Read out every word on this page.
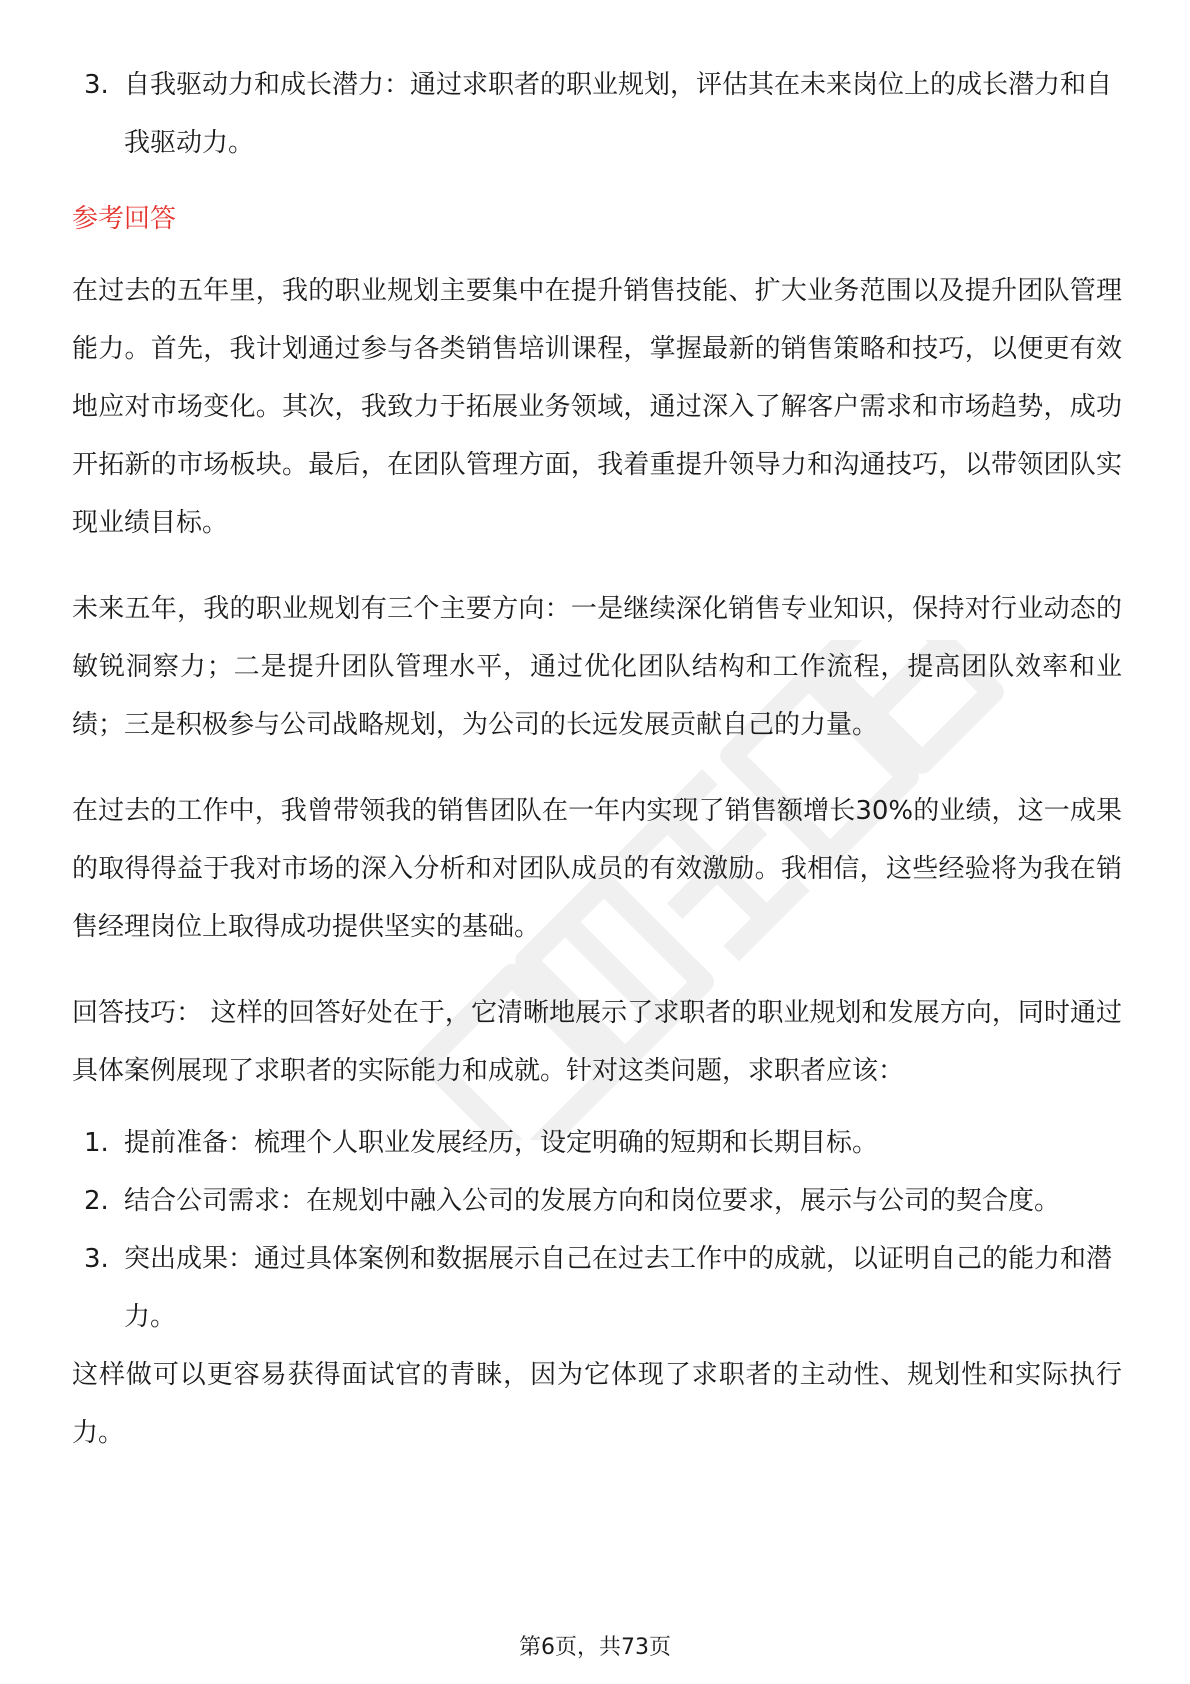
3. 自我驱动力和成长潜力：通过求职者的职业规划，评估其在未来岗位上的成长潜力和自我驱动力。
参考回答

在过去的五年里，我的职业规划主要集中在提升销售技能、扩大业务范围以及提升团队管理能力。首先，我计划通过参与各类销售培训课程，掌握最新的销售策略和技巧，以便更有效地应对市场变化。其次，我致力于拓展业务领域，通过深入了解客户需求和市场趋势，成功开拓新的市场板块。最后，在团队管理方面，我着重提升领导力和沟通技巧，以带领团队实现业绩目标。

未来五年，我的职业规划有三个主要方向：一是继续深化销售专业知识，保持对行业动态的敏锐洞察力；二是提升团队管理水平，通过优化团队结构和工作流程，提高团队效率和业绩；三是积极参与公司战略规划，为公司的长远发展贡献自己的力量。

在过去的工作中，我曾带领我的销售团队在一年内实现了销售额增长30%的业绩，这一成果的取得得益于我对市场的深入分析和对团队成员的有效激励。我相信，这些经验将为我在销售经理岗位上取得成功提供坚实的基础。

回答技巧： 这样的回答好处在于，它清晰地展示了求职者的职业规划和发展方向，同时通过具体案例展现了求职者的实际能力和成就。针对这类问题，求职者应该：

1. 提前准备：梳理个人职业发展经历，设定明确的短期和长期目标。
2. 结合公司需求：在规划中融入公司的发展方向和岗位要求，展示与公司的契合度。
3. 突出成果：通过具体案例和数据展示自己在过去工作中的成就，以证明自己的能力和潜力。

这样做可以更容易获得面试官的青睐，因为它体现了求职者的主动性、规划性和实际执行力。

第6页，共73页
